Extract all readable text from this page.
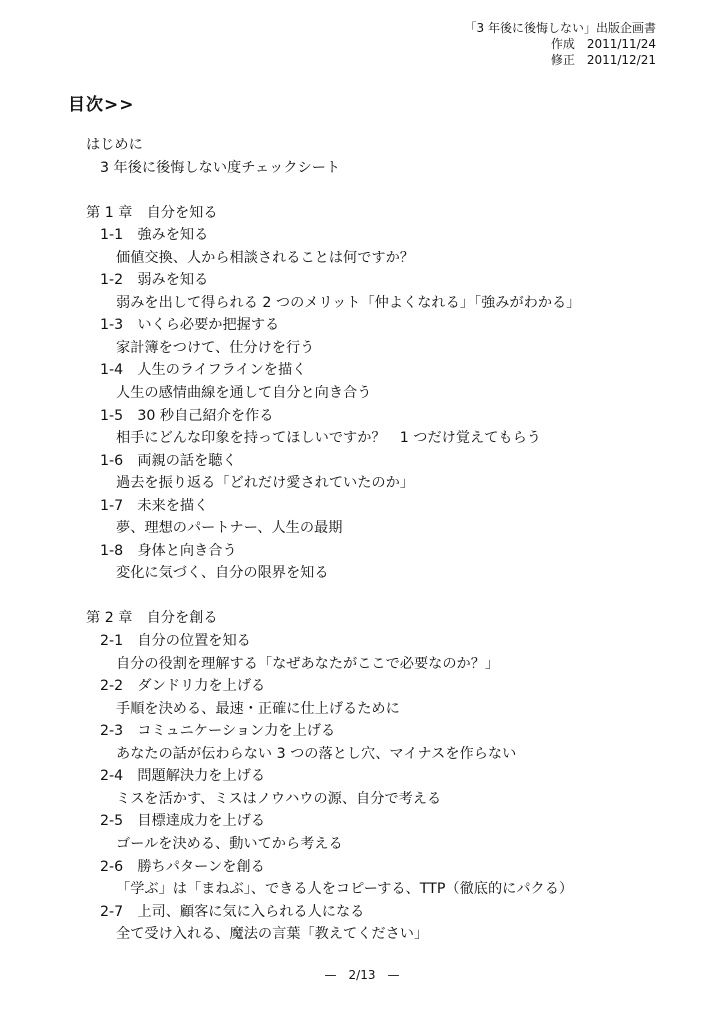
「3 年後に後悔しない」出版企画書
作成　2011/11/24
修正　2011/12/21
目次>>
はじめに
3 年後に後悔しない度チェックシート
第 1 章　自分を知る
1-1　強みを知る
価値交換、人から相談されることは何ですか？
1-2　弱みを知る
弱みを出して得られる 2 つのメリット「仲よくなれる」「強みがわかる」
1-3　いくら必要か把握する
家計簿をつけて、仕分けを行う
1-4　人生のライフラインを描く
人生の感情曲線を通して自分と向き合う
1-5　30 秒自己紹介を作る
相手にどんな印象を持ってほしいですか？　1 つだけ覚えてもらう
1-6　両親の話を聴く
過去を振り返る「どれだけ愛されていたのか」
1-7　未来を描く
夢、理想のパートナー、人生の最期
1-8　身体と向き合う
変化に気づく、自分の限界を知る
第 2 章　自分を創る
2-1　自分の位置を知る
自分の役割を理解する「なぜあなたがここで必要なのか？」
2-2　ダンドリ力を上げる
手順を決める、最速・正確に仕上げるために
2-3　コミュニケーション力を上げる
あなたの話が伝わらない 3 つの落とし穴、マイナスを作らない
2-4　問題解決力を上げる
ミスを活かす、ミスはノウハウの源、自分で考える
2-5　目標達成力を上げる
ゴールを決める、動いてから考える
2-6　勝ちパターンを創る
「学ぶ」は「まねぶ」、できる人をコピーする、TTP（徹底的にパクる）
2-7　上司、顧客に気に入られる人になる
全て受け入れる、魔法の言葉「教えてください」
—　2/13　—
